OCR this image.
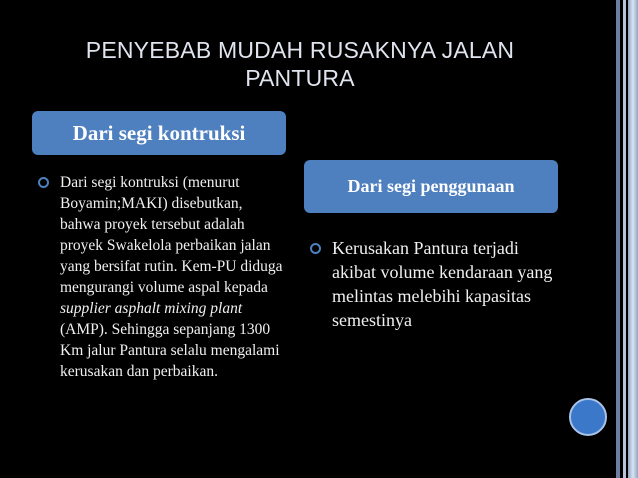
PENYEBAB MUDAH RUSAKNYA JALAN PANTURA
Dari segi kontruksi
Dari segi penggunaan
Dari segi kontruksi (menurut Boyamin;MAKI) disebutkan, bahwa proyek tersebut adalah proyek Swakelola perbaikan jalan yang bersifat rutin. Kem-PU diduga mengurangi volume aspal kepada supplier asphalt mixing plant (AMP). Sehingga sepanjang 1300 Km jalur Pantura selalu mengalami kerusakan dan perbaikan.
Kerusakan Pantura terjadi akibat volume kendaraan yang melintas melebihi kapasitas semestinya
